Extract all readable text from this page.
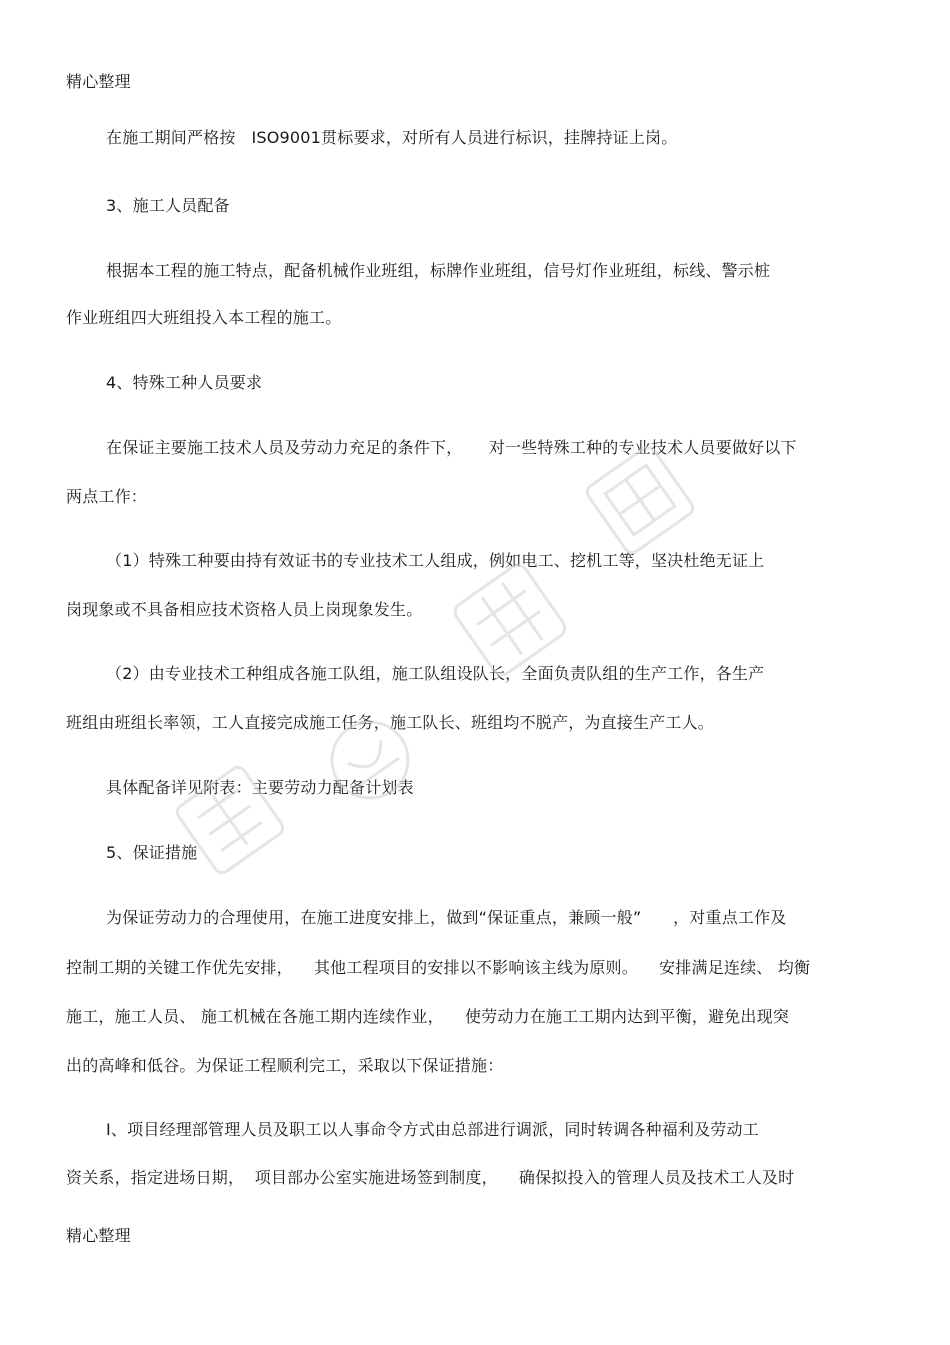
精心整理
在施工期间严格按   ISO9001贯标要求，对所有人员进行标识，挂牌持证上岗。
3、施工人员配备
根据本工程的施工特点，配备机械作业班组，标牌作业班组，信号灯作业班组，标线、警示桩
作业班组四大班组投入本工程的施工。
4、特殊工种人员要求
在保证主要施工技术人员及劳动力充足的条件下，     对一些特殊工种的专业技术人员要做好以下
两点工作：
（1）特殊工种要由持有效证书的专业技术工人组成，例如电工、挖机工等，坚决杜绝无证上
岗现象或不具备相应技术资格人员上岗现象发生。
（2）由专业技术工种组成各施工队组，施工队组设队长，全面负责队组的生产工作，各生产
班组由班组长率领，工人直接完成施工任务，施工队长、班组均不脱产，为直接生产工人。
具体配备详见附表：主要劳动力配备计划表
5、保证措施
为保证劳动力的合理使用，在施工进度安排上，做到“保证重点，兼顾一般”      ，对重点工作及
控制工期的关键工作优先安排，    其他工程项目的安排以不影响该主线为原则。    安排满足连续、 均衡
施工，施工人员、 施工机械在各施工期内连续作业，    使劳动力在施工工期内达到平衡，避免出现突
出的高峰和低谷。为保证工程顺利完工，采取以下保证措施：
Ⅰ、项目经理部管理人员及职工以人事命令方式由总部进行调派，同时转调各种福利及劳动工
资关系，指定进场日期，  项目部办公室实施进场签到制度，    确保拟投入的管理人员及技术工人及时
精心整理
